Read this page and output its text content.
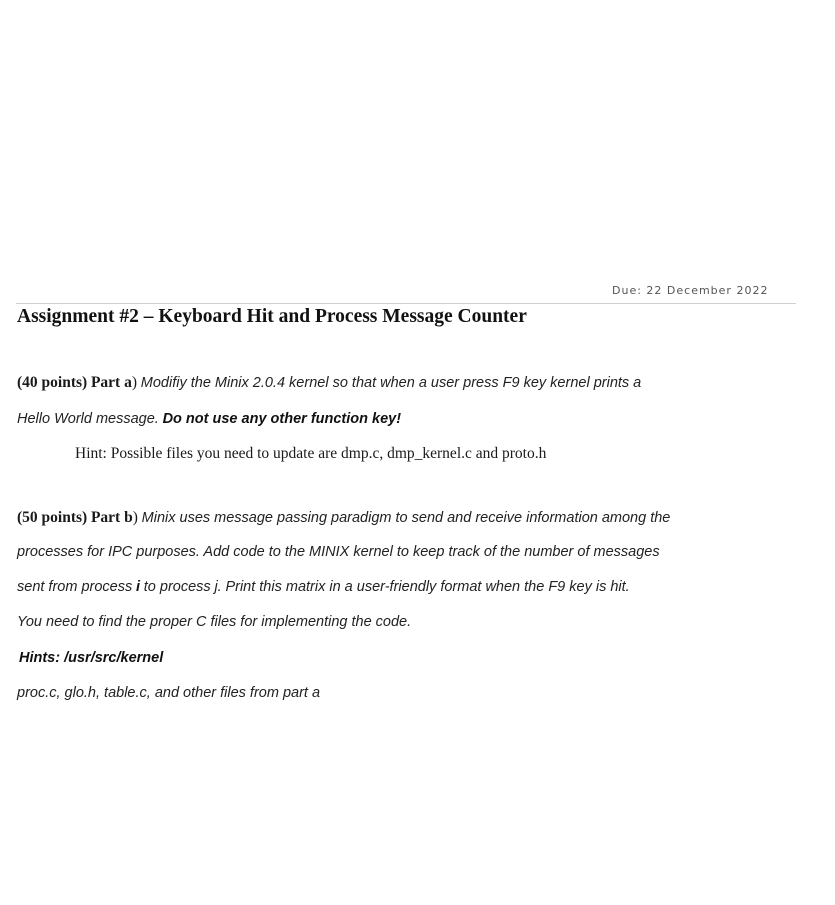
Due: 22 December 2022
Assignment #2 – Keyboard Hit and Process Message Counter
(40 points) Part a) Modifiy the Minix 2.0.4 kernel so that when a user press F9 key kernel prints a
Hello World message. Do not use any other function key!
Hint: Possible files you need to update are dmp.c, dmp_kernel.c and proto.h
(50 points) Part b) Minix uses message passing paradigm to send and receive information among the
processes for IPC purposes. Add code to the MINIX kernel to keep track of the number of messages
sent from process i to process j. Print this matrix in a user-friendly format when the F9 key is hit.
You need to find the proper C files for implementing the code.
Hints: /usr/src/kernel
proc.c, glo.h, table.c, and other files from part a
